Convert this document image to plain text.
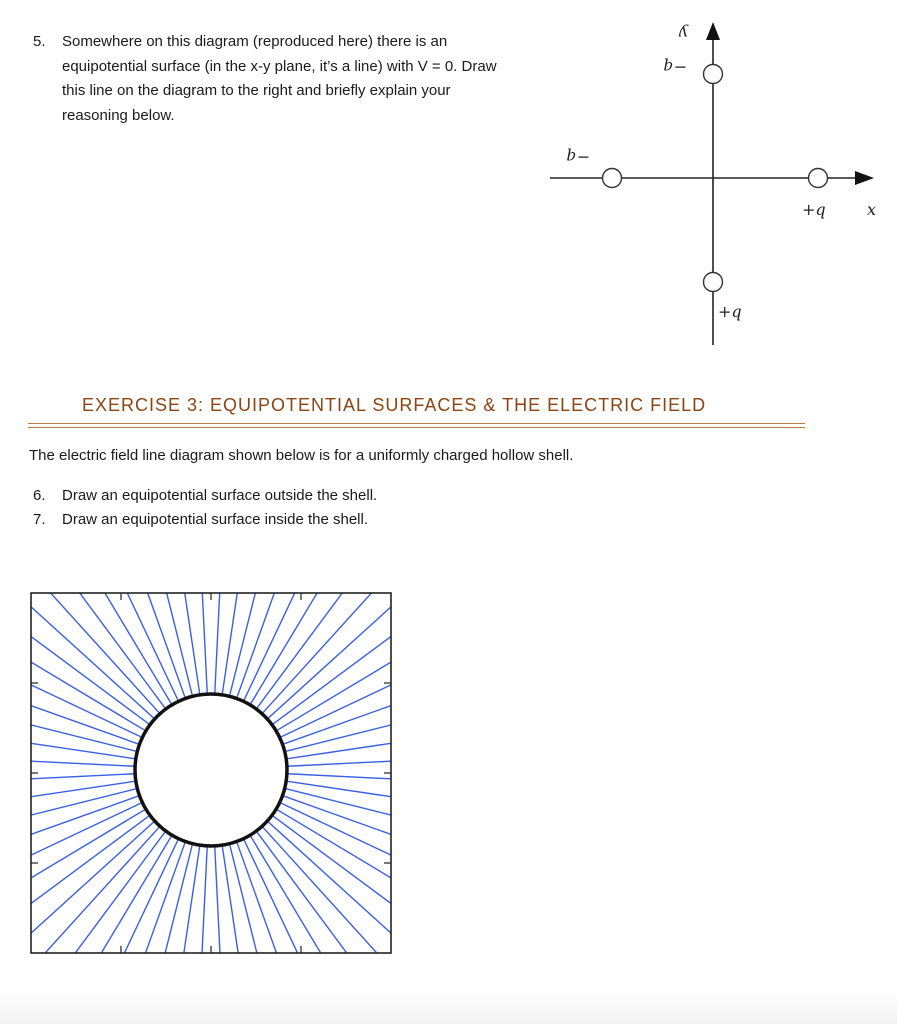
5. Somewhere on this diagram (reproduced here) there is an equipotential surface (in the x-y plane, it’s a line) with V = 0. Draw this line on the diagram to the right and briefly explain your reasoning below.
y
−q
−q
+q	x
+q
EXERCISE 3: EQUIPOTENTIAL SURFACES & THE ELECTRIC FIELD
The electric field line diagram shown below is for a uniformly charged hollow shell.
6. Draw an equipotential surface outside the shell.
7. Draw an equipotential surface inside the shell.
